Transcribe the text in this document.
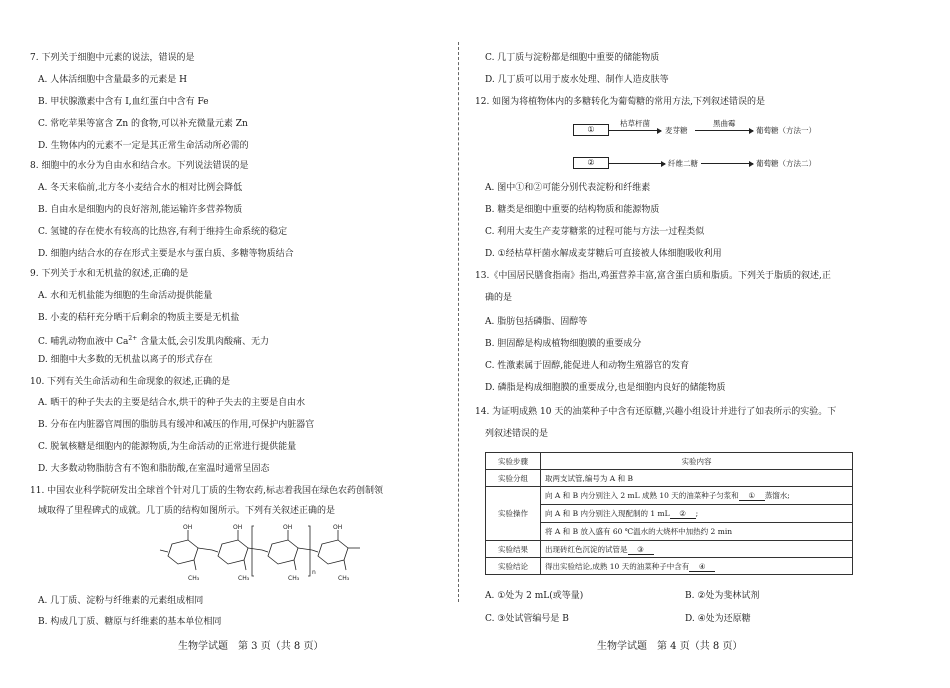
7. 下列关于细胞中元素的说法，错误的是
A. 人体活细胞中含量最多的元素是 H
B. 甲状腺激素中含有 I,血红蛋白中含有 Fe
C. 常吃苹果等富含 Zn 的食物,可以补充微量元素 Zn
D. 生物体内的元素不一定是其正常生命活动所必需的
8. 细胞中的水分为自由水和结合水。下列说法错误的是
A. 冬天来临前,北方冬小麦结合水的相对比例会降低
B. 自由水是细胞内的良好溶剂,能运输许多营养物质
C. 氢键的存在使水有较高的比热容,有利于维持生命系统的稳定
D. 细胞内结合水的存在形式主要是水与蛋白质、多糖等物质结合
9. 下列关于水和无机盐的叙述,正确的是
A. 水和无机盐能为细胞的生命活动提供能量
B. 小麦的秸秆充分晒干后剩余的物质主要是无机盐
C. 哺乳动物血液中 $Ca^{2+}$ 含量太低,会引发肌肉酸痛、无力
D. 细胞中大多数的无机盐以离子的形式存在
10. 下列有关生命活动和生命现象的叙述,正确的是
A. 晒干的种子失去的主要是结合水,烘干的种子失去的主要是自由水
B. 分布在内脏器官周围的脂肪具有缓冲和减压的作用,可保护内脏器官
C. 脱氧核糖是细胞内的能源物质,为生命活动的正常进行提供能量
D. 大多数动物脂肪含有不饱和脂肪酸,在室温时通常呈固态
11. 中国农业科学院研发出全球首个针对几丁质的生物农药,标志着我国在绿色农药创制领
域取得了里程碑式的成就。几丁质的结构如图所示。下列有关叙述正确的是
OH	OH	OH	OH
CH₃	CH₃	CH₃	CH₃
n
A. 几丁质、淀粉与纤维素的元素组成相同
B. 构成几丁质、糖原与纤维素的基本单位相同
生物学试题　第 3 页（共 8 页）
C. 几丁质与淀粉都是细胞中重要的储能物质
D. 几丁质可以用于废水处理、制作人造皮肤等
12. 如图为将植物体内的多糖转化为葡萄糖的常用方法,下列叙述错误的是
①
枯草杆菌
麦芽糖
黑曲霉
葡萄糖（方法一）
②	纤维二糖	葡萄糖（方法二）
A. 图中①和②可能分别代表淀粉和纤维素
B. 糖类是细胞中重要的结构物质和能源物质
C. 利用大麦生产麦芽糖浆的过程可能与方法一过程类似
D. ①经枯草杆菌水解成麦芽糖后可直接被人体细胞吸收利用
13.《中国居民膳食指南》指出,鸡蛋营养丰富,富含蛋白质和脂质。下列关于脂质的叙述,正
确的是
A. 脂肪包括磷脂、固醇等
B. 胆固醇是构成植物细胞膜的重要成分
C. 性激素属于固醇,能促进人和动物生殖器官的发育
D. 磷脂是构成细胞膜的重要成分,也是细胞内良好的储能物质
14. 为证明成熟 10 天的油菜种子中含有还原糖,兴趣小组设计并进行了如表所示的实验。下
列叙述错误的是
实验步骤	实验内容
实验分组	取两支试管,编号为 A 和 B
实验操作	向 A 和 B 内分别注入 2 mL 成熟 10 天的油菜种子匀浆和 ① 蒸馏水;
向 A 和 B 内分别注入现配制的 1 mL ② ;
将 A 和 B 放入盛有 60 ℃温水的大烧杯中加热约 2 min

实验结果	出现砖红色沉淀的试管是 ③
实验结论	得出实验结论,成熟 10 天的油菜种子中含有 ④
A. ①处为 2 mL(或等量)	B. ②处为斐林试剂
C. ③处试管编号是 B	D. ④处为还原糖
生物学试题　第 4 页（共 8 页）
